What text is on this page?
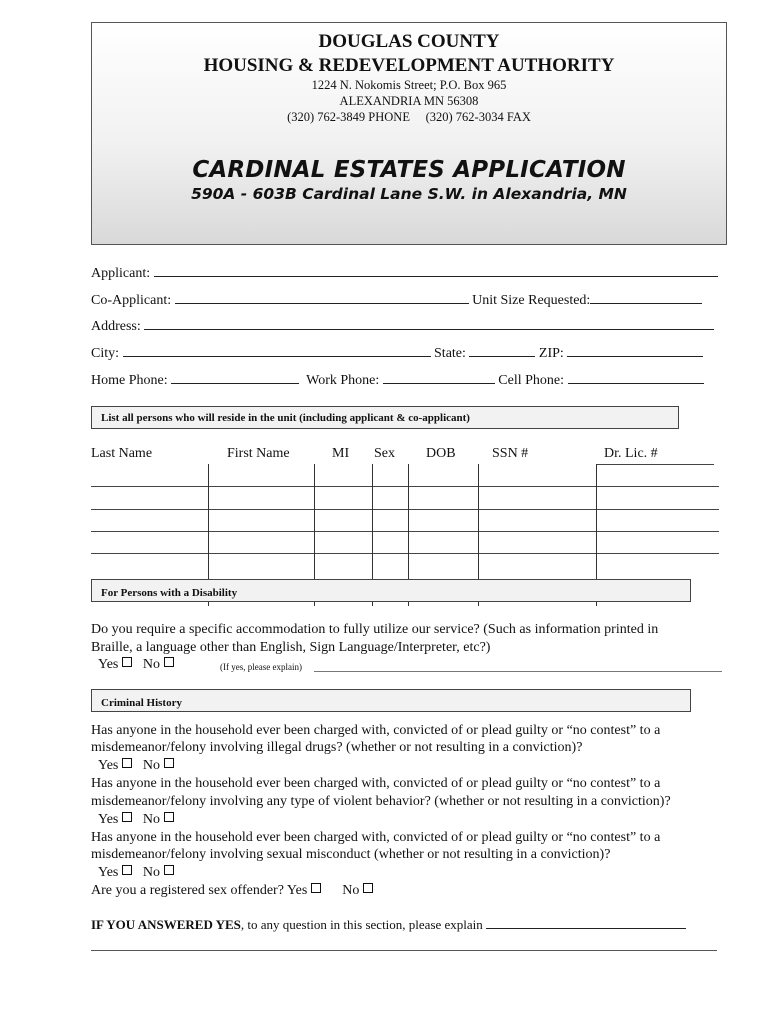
DOUGLAS COUNTY
HOUSING & REDEVELOPMENT AUTHORITY
1224 N. Nokomis Street; P.O. Box 965
ALEXANDRIA MN 56308
(320) 762-3849 PHONE (320) 762-3034 FAX
CARDINAL ESTATES APPLICATION
590A - 603B Cardinal Lane S.W. in Alexandria, MN
Applicant:
Co-Applicant:	Unit Size Requested:
Address:
City:	State:	ZIP:
Home Phone:	Work Phone:	Cell Phone:
List all persons who will reside in the unit (including applicant & co-applicant)
Last Name	First Name	MI Sex DOB	SSN #	Dr. Lic. #
For Persons with a Disability
Do you require a specific accommodation to fully utilize our service? (Such as information printed in
Braille, a language other than English, Sign Language/Interpreter, etc?)
Yes No	(If yes, please explain)
Criminal History
Has anyone in the household ever been charged with, convicted of or plead guilty or “no contest” to a
misdemeanor/felony involving illegal drugs? (whether or not resulting in a conviction)?
Yes No
Has anyone in the household ever been charged with, convicted of or plead guilty or “no contest” to a
misdemeanor/felony involving any type of violent behavior? (whether or not resulting in a conviction)?
Yes No
Has anyone in the household ever been charged with, convicted of or plead guilty or “no contest” to a
misdemeanor/felony involving sexual misconduct (whether or not resulting in a conviction)?
Yes No
Are you a registered sex offender? Yes	No
IF YOU ANSWERED YES, to any question in this section, please explain
